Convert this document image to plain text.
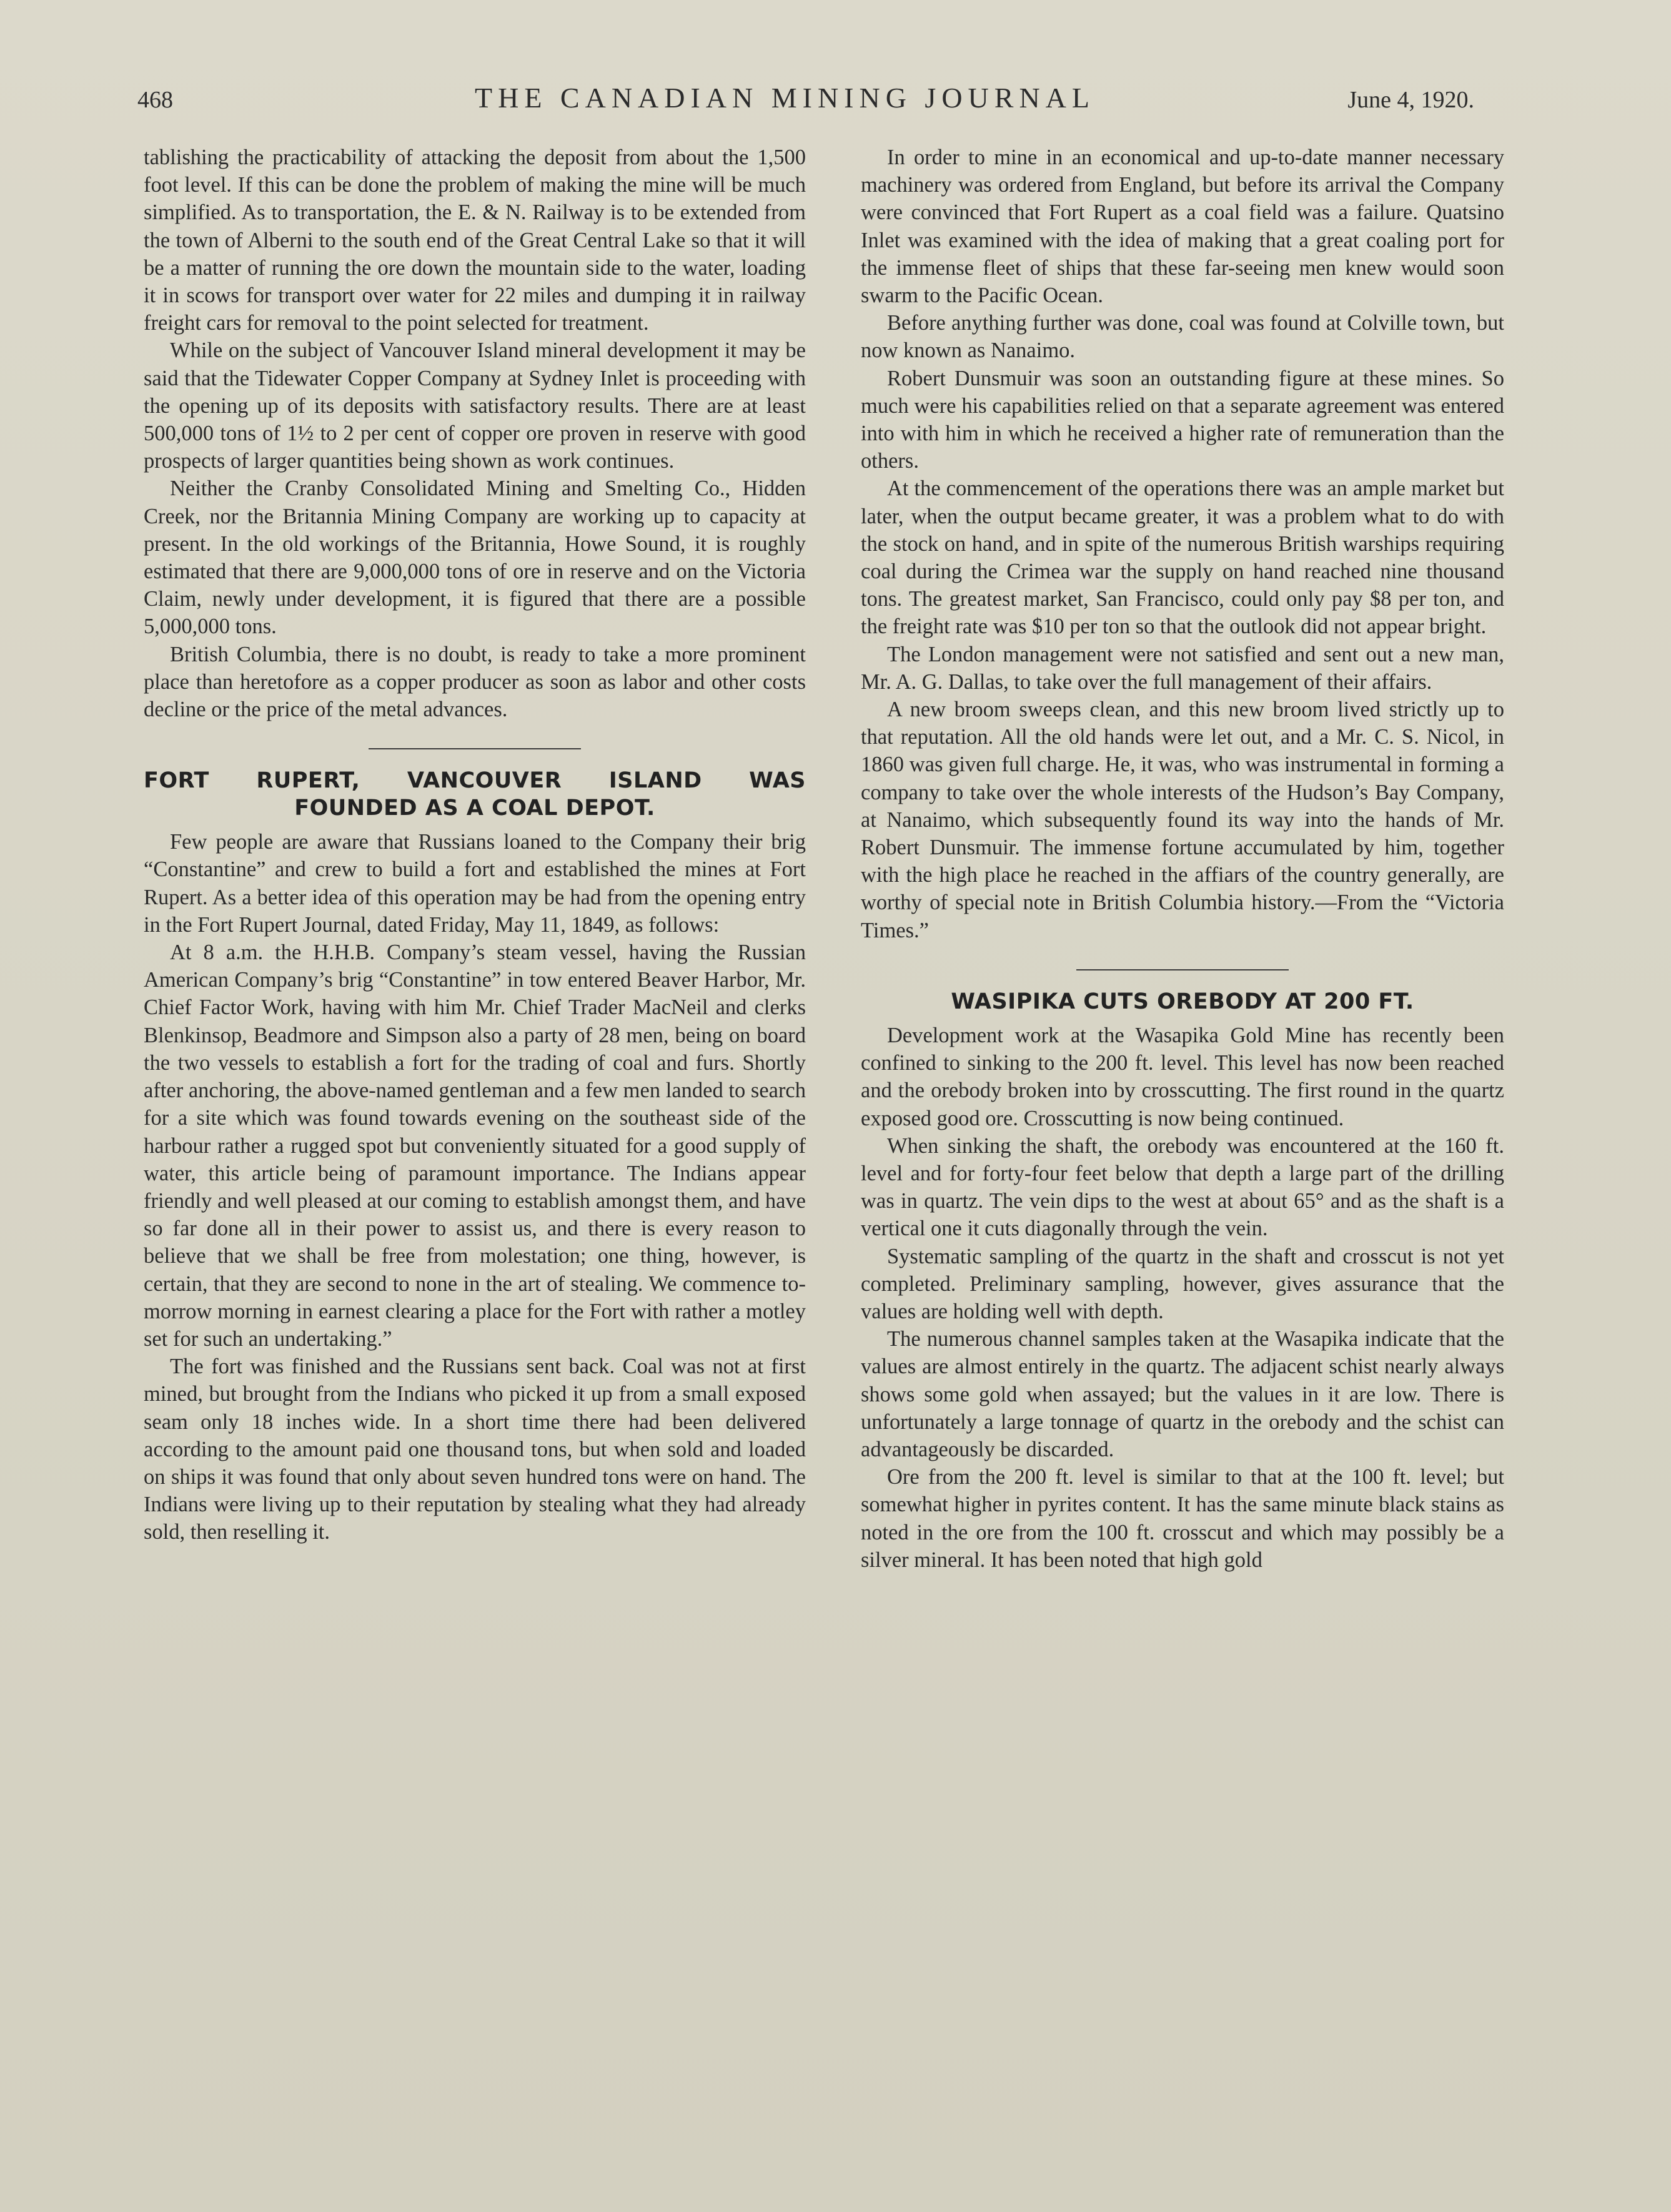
468	THE CANADIAN MINING JOURNAL	June 4, 1920.

tablishing the practicability of attacking the deposit from about the 1,500 foot level. If this can be done the problem of making the mine will be much simplified. As to transportation, the E. & N. Railway is to be extended from the town of Alberni to the south end of the Great Central Lake so that it will be a matter of running the ore down the mountain side to the water, loading it in scows for transport over water for 22 miles and dumping it in railway freight cars for removal to the point selected for treatment.

While on the subject of Vancouver Island mineral development it may be said that the Tidewater Copper Company at Sydney Inlet is proceeding with the opening up of its deposits with satisfactory results. There are at least 500,000 tons of 1½ to 2 per cent of copper ore proven in reserve with good prospects of larger quantities being shown as work continues.

Neither the Cranby Consolidated Mining and Smelting Co., Hidden Creek, nor the Britannia Mining Company are working up to capacity at present. In the old workings of the Britannia, Howe Sound, it is roughly estimated that there are 9,000,000 tons of ore in reserve and on the Victoria Claim, newly under development, it is figured that there are a possible 5,000,000 tons.

British Columbia, there is no doubt, is ready to take a more prominent place than heretofore as a copper producer as soon as labor and other costs decline or the price of the metal advances.

FORT RUPERT, VANCOUVER ISLAND WAS
FOUNDED AS A COAL DEPOT.

Few people are aware that Russians loaned to the Company their brig “Constantine” and crew to build a fort and established the mines at Fort Rupert. As a better idea of this operation may be had from the opening entry in the Fort Rupert Journal, dated Friday, May 11, 1849, as follows:

At 8 a.m. the H.H.B. Company’s steam vessel, having the Russian American Company’s brig “Constantine” in tow entered Beaver Harbor, Mr. Chief Factor Work, having with him Mr. Chief Trader MacNeil and clerks Blenkinsop, Beadmore and Simpson also a party of 28 men, being on board the two vessels to establish a fort for the trading of coal and furs. Shortly after anchoring, the above-named gentleman and a few men landed to search for a site which was found towards evening on the southeast side of the harbour rather a rugged spot but conveniently situated for a good supply of water, this article being of paramount importance. The Indians appear friendly and well pleased at our coming to establish amongst them, and have so far done all in their power to assist us, and there is every reason to believe that we shall be free from molestation; one thing, however, is certain, that they are second to none in the art of stealing. We commence to-morrow morning in earnest clearing a place for the Fort with rather a motley set for such an undertaking.”

The fort was finished and the Russians sent back. Coal was not at first mined, but brought from the Indians who picked it up from a small exposed seam only 18 inches wide. In a short time there had been delivered according to the amount paid one thousand tons, but when sold and loaded on ships it was found that only about seven hundred tons were on hand. The Indians were living up to their reputation by stealing what they had already sold, then reselling it.

In order to mine in an economical and up-to-date manner necessary machinery was ordered from England, but before its arrival the Company were convinced that Fort Rupert as a coal field was a failure. Quatsino Inlet was examined with the idea of making that a great coaling port for the immense fleet of ships that these far-seeing men knew would soon swarm to the Pacific Ocean.

Before anything further was done, coal was found at Colville town, but now known as Nanaimo.

Robert Dunsmuir was soon an outstanding figure at these mines. So much were his capabilities relied on that a separate agreement was entered into with him in which he received a higher rate of remuneration than the others.

At the commencement of the operations there was an ample market but later, when the output became greater, it was a problem what to do with the stock on hand, and in spite of the numerous British warships requiring coal during the Crimea war the supply on hand reached nine thousand tons. The greatest market, San Francisco, could only pay $8 per ton, and the freight rate was $10 per ton so that the outlook did not appear bright.

The London management were not satisfied and sent out a new man, Mr. A. G. Dallas, to take over the full management of their affairs.

A new broom sweeps clean, and this new broom lived strictly up to that reputation. All the old hands were let out, and a Mr. C. S. Nicol, in 1860 was given full charge. He, it was, who was instrumental in forming a company to take over the whole interests of the Hudson’s Bay Company, at Nanaimo, which subsequently found its way into the hands of Mr. Robert Dunsmuir. The immense fortune accumulated by him, together with the high place he reached in the affiars of the country generally, are worthy of special note in British Columbia history.—From the “Victoria Times.”

WASIPIKA CUTS OREBODY AT 200 FT.

Development work at the Wasapika Gold Mine has recently been confined to sinking to the 200 ft. level. This level has now been reached and the orebody broken into by crosscutting. The first round in the quartz exposed good ore. Crosscutting is now being continued.

When sinking the shaft, the orebody was encountered at the 160 ft. level and for forty-four feet below that depth a large part of the drilling was in quartz. The vein dips to the west at about 65° and as the shaft is a vertical one it cuts diagonally through the vein.

Systematic sampling of the quartz in the shaft and crosscut is not yet completed. Preliminary sampling, however, gives assurance that the values are holding well with depth.

The numerous channel samples taken at the Wasapika indicate that the values are almost entirely in the quartz. The adjacent schist nearly always shows some gold when assayed; but the values in it are low. There is unfortunately a large tonnage of quartz in the orebody and the schist can advantageously be discarded.

Ore from the 200 ft. level is similar to that at the 100 ft. level; but somewhat higher in pyrites content. It has the same minute black stains as noted in the ore from the 100 ft. crosscut and which may possibly be a silver mineral. It has been noted that high gold
